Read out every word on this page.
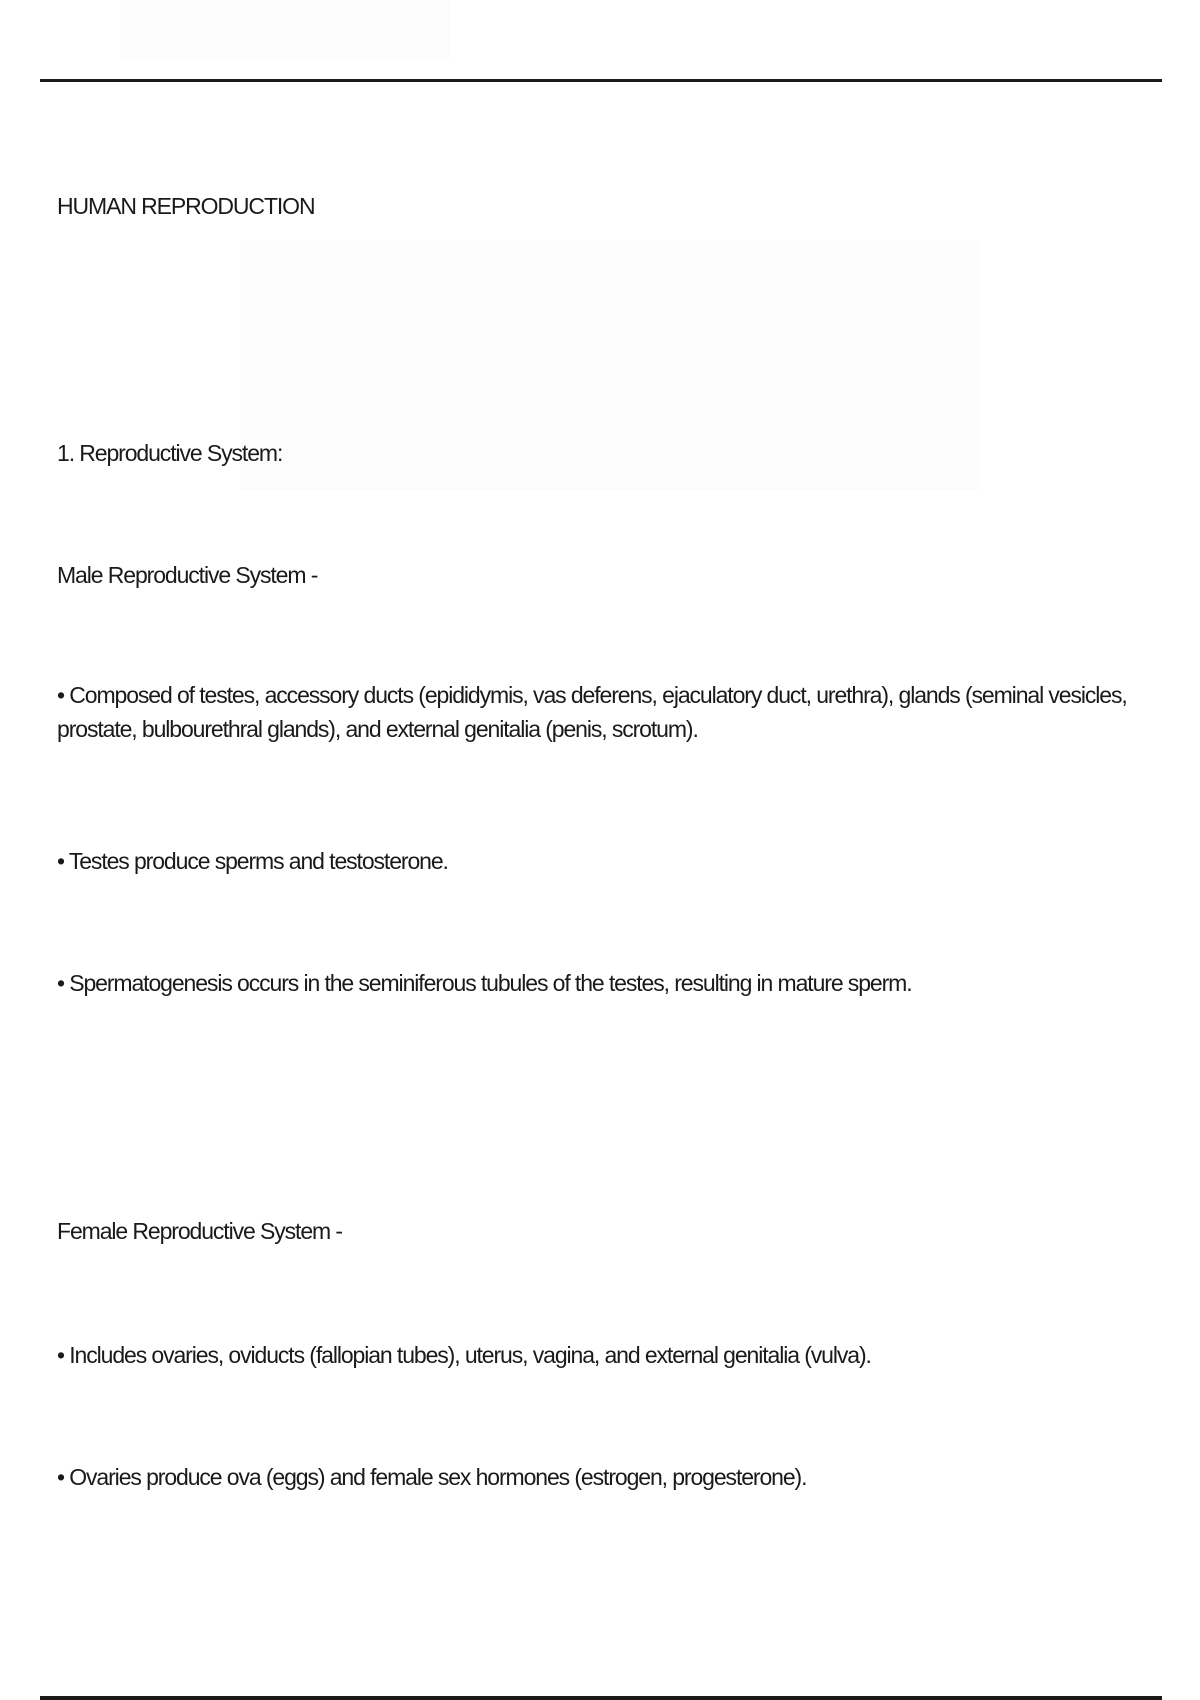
HUMAN REPRODUCTION
1. Reproductive System:
Male Reproductive System -

• Composed of testes, accessory ducts (epididymis, vas deferens, ejaculatory duct, urethra), glands (seminal vesicles, prostate, bulbourethral glands), and external genitalia (penis, scrotum).

• Testes produce sperms and testosterone.

• Spermatogenesis occurs in the seminiferous tubules of the testes, resulting in mature sperm.

Female Reproductive System -

• Includes ovaries, oviducts (fallopian tubes), uterus, vagina, and external genitalia (vulva).

• Ovaries produce ova (eggs) and female sex hormones (estrogen, progesterone).
